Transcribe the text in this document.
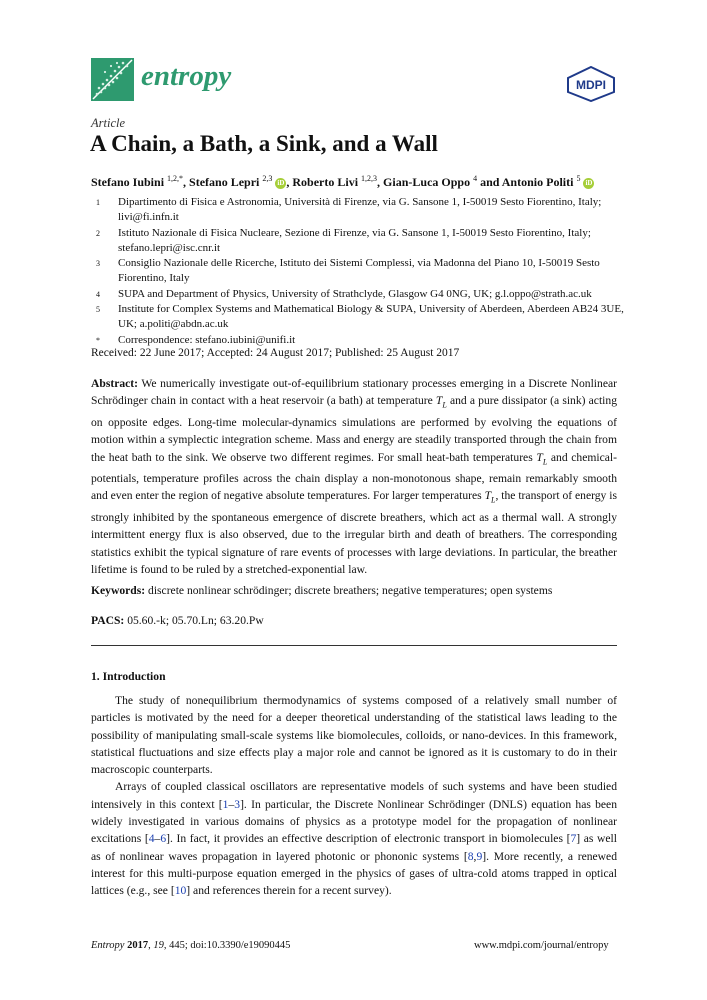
entropy	MDPI
Article
A Chain, a Bath, a Sink, and a Wall
Stefano Iubini $^{1,2,*}$, Stefano Lepri $^{2,3}$ iD , Roberto Livi $^{1,2,3}$, Gian-Luca Oppo $^4$ and Antonio Politi $^5$ iD
1	Dipartimento di Fisica e Astronomia, Università di Firenze, via G. Sansone 1, I-50019 Sesto Fiorentino, Italy; livi@fi.infn.it
2	Istituto Nazionale di Fisica Nucleare, Sezione di Firenze, via G. Sansone 1, I-50019 Sesto Fiorentino, Italy; stefano.lepri@isc.cnr.it
3	Consiglio Nazionale delle Ricerche, Istituto dei Sistemi Complessi, via Madonna del Piano 10, I-50019 Sesto Fiorentino, Italy
4	SUPA and Department of Physics, University of Strathclyde, Glasgow G4 0NG, UK; g.l.oppo@strath.ac.uk
5	Institute for Complex Systems and Mathematical Biology & SUPA, University of Aberdeen, Aberdeen AB24 3UE, UK; a.politi@abdn.ac.uk
*	Correspondence: stefano.iubini@unifi.it
Received: 22 June 2017; Accepted: 24 August 2017; Published: 25 August 2017
Abstract: We numerically investigate out-of-equilibrium stationary processes emerging in a Discrete Nonlinear Schrödinger chain in contact with a heat reservoir (a bath) at temperature $T_L$ and a pure dissipator (a sink) acting on opposite edges. Long-time molecular-dynamics simulations are performed by evolving the equations of motion within a symplectic integration scheme. Mass and energy are steadily transported through the chain from the heat bath to the sink. We observe two different regimes. For small heat-bath temperatures $T_L$ and chemical-potentials, temperature profiles across the chain display a non-monotonous shape, remain remarkably smooth and even enter the region of negative absolute temperatures. For larger temperatures $T_L$, the transport of energy is strongly inhibited by the spontaneous emergence of discrete breathers, which act as a thermal wall. A strongly intermittent energy flux is also observed, due to the irregular birth and death of breathers. The corresponding statistics exhibit the typical signature of rare events of processes with large deviations. In particular, the breather lifetime is found to be ruled by a stretched-exponential law.
Keywords: discrete nonlinear schrödinger; discrete breathers; negative temperatures; open systems
PACS: 05.60.-k; 05.70.Ln; 63.20.Pw
1. Introduction

The study of nonequilibrium thermodynamics of systems composed of a relatively small number of particles is motivated by the need for a deeper theoretical understanding of the statistical laws leading to the possibility of manipulating small-scale systems like biomolecules, colloids, or nano-devices. In this framework, statistical fluctuations and size effects play a major role and cannot be ignored as it is customary to do in their macroscopic counterparts.

Arrays of coupled classical oscillators are representative models of such systems and have been studied intensively in this context [1–3]. In particular, the Discrete Nonlinear Schrödinger (DNLS) equation has been widely investigated in various domains of physics as a prototype model for the propagation of nonlinear excitations [4–6]. In fact, it provides an effective description of electronic transport in biomolecules [7] as well as of nonlinear waves propagation in layered photonic or phononic systems [8,9]. More recently, a renewed interest for this multi-purpose equation emerged in the physics of gases of ultra-cold atoms trapped in optical lattices (e.g., see [10] and references therein for a recent survey).

Entropy 2017, 19, 445; doi:10.3390/e19090445	www.mdpi.com/journal/entropy
